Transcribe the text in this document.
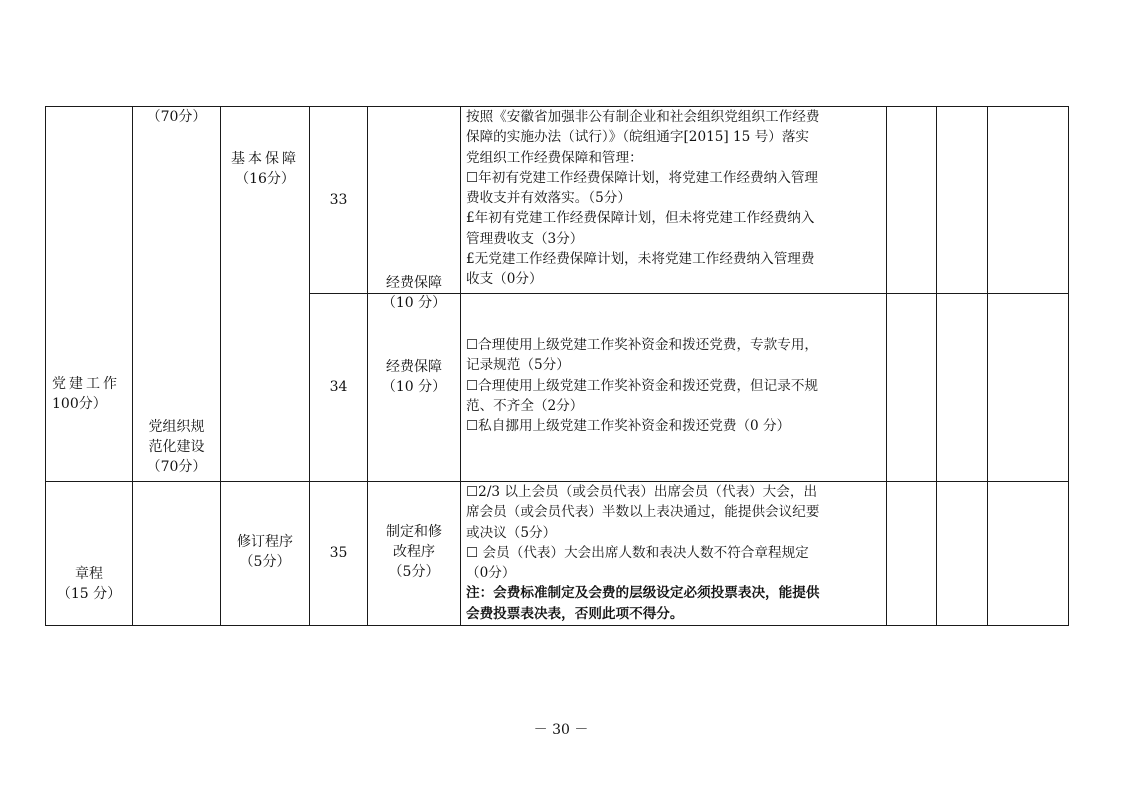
党建工作
100分）
章程
（15 分）
（70分）
党组织规
范化建设
（70分）
基本保障
（16分）
修订程序
（5分）
33
34
35
经费保障
（10 分）
经费保障
（10 分）
制定和修
改程序
（5分）
按照《安徽省加强非公有制企业和社会组织党组织工作经费
保障的实施办法（试行）》（皖组通字[2015] 15 号）落实
党组织工作经费保障和管理：
☐年初有党建工作经费保障计划，将党建工作经费纳入管理
费收支并有效落实。（5分）
£年初有党建工作经费保障计划，但未将党建工作经费纳入
管理费收支（3分）
£无党建工作经费保障计划，未将党建工作经费纳入管理费
收支（0分）
☐合理使用上级党建工作奖补资金和拨还党费，专款专用，
记录规范（5分）
☐合理使用上级党建工作奖补资金和拨还党费，但记录不规
范、不齐全（2分）
☐私自挪用上级党建工作奖补资金和拨还党费（0 分）
☐2/3 以上会员（或会员代表）出席会员（代表）大会，出
席会员（或会员代表）半数以上表决通过，能提供会议纪要
或决议（5分）
☐ 会员（代表）大会出席人数和表决人数不符合章程规定
（0分）
注：会费标准制定及会费的层级设定必须投票表决，能提供
会费投票表决表，否则此项不得分。
－ 30 －
